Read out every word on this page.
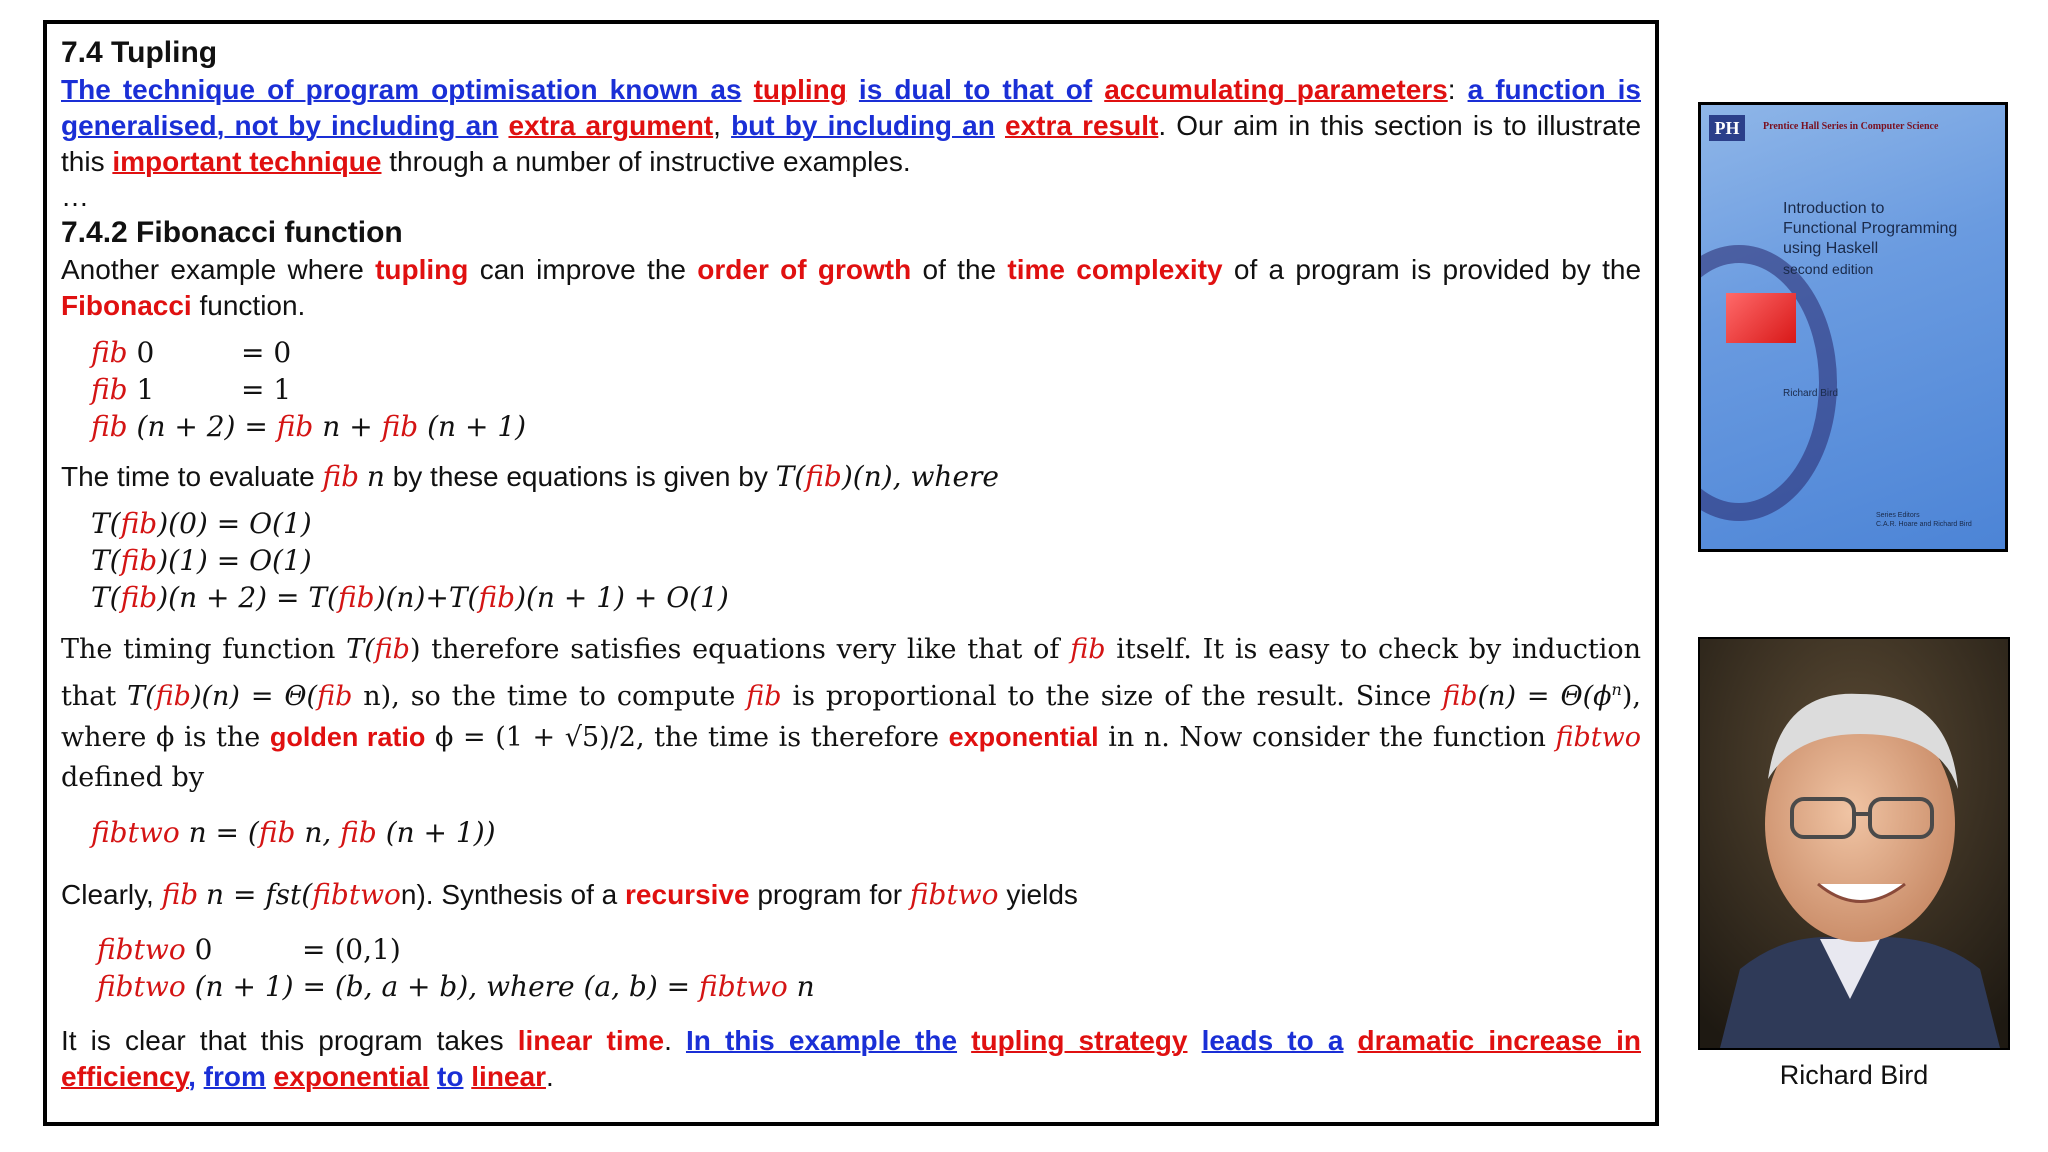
7.4 Tupling

The technique of program optimisation known as tupling is dual to that of accumulating parameters: a function is generalised, not by including an extra argument, but by including an extra result. Our aim in this section is to illustrate this important technique through a number of instructive examples.

…

7.4.2 Fibonacci function

Another example where tupling can improve the order of growth of the time complexity of a program is provided by the Fibonacci function.

fib 0	= 0
fib 1	= 1
fib (n + 2) = fib n + fib (n + 1)

The time to evaluate fib n by these equations is given by T(fib)(n), where

T(fib)(0) = O(1)
T(fib)(1) = O(1)
T(fib)(n + 2) = T(fib)(n)+T(fib)(n + 1) + O(1)

The timing function T(fib) therefore satisfies equations very like that of fib itself. It is easy to check by induction that T(fib)(n) = Θ(fib n), so the time to compute fib is proportional to the size of the result. Since $fib(n) = \Theta(\phi^n)$, where ϕ is the golden ratio ϕ = (1 + √5)/2, the time is therefore exponential in n. Now consider the function fibtwo defined by

fibtwo n = (fib n, fib (n + 1))

Clearly, fib n = fst(fibtwon). Synthesis of a recursive program for fibtwo yields

fibtwo 0	= (0,1)
fibtwo (n + 1) = (b, a + b), where (a, b) = fibtwo n

It is clear that this program takes linear time. In this example the tupling strategy leads to a dramatic increase in efficiency, from exponential to linear.

PH	Prentice Hall Series in Computer Science
Introduction to
Functional Programming
using Haskell
second edition
Richard Bird
Series Editors
C.A.R. Hoare and Richard Bird
Richard Bird
